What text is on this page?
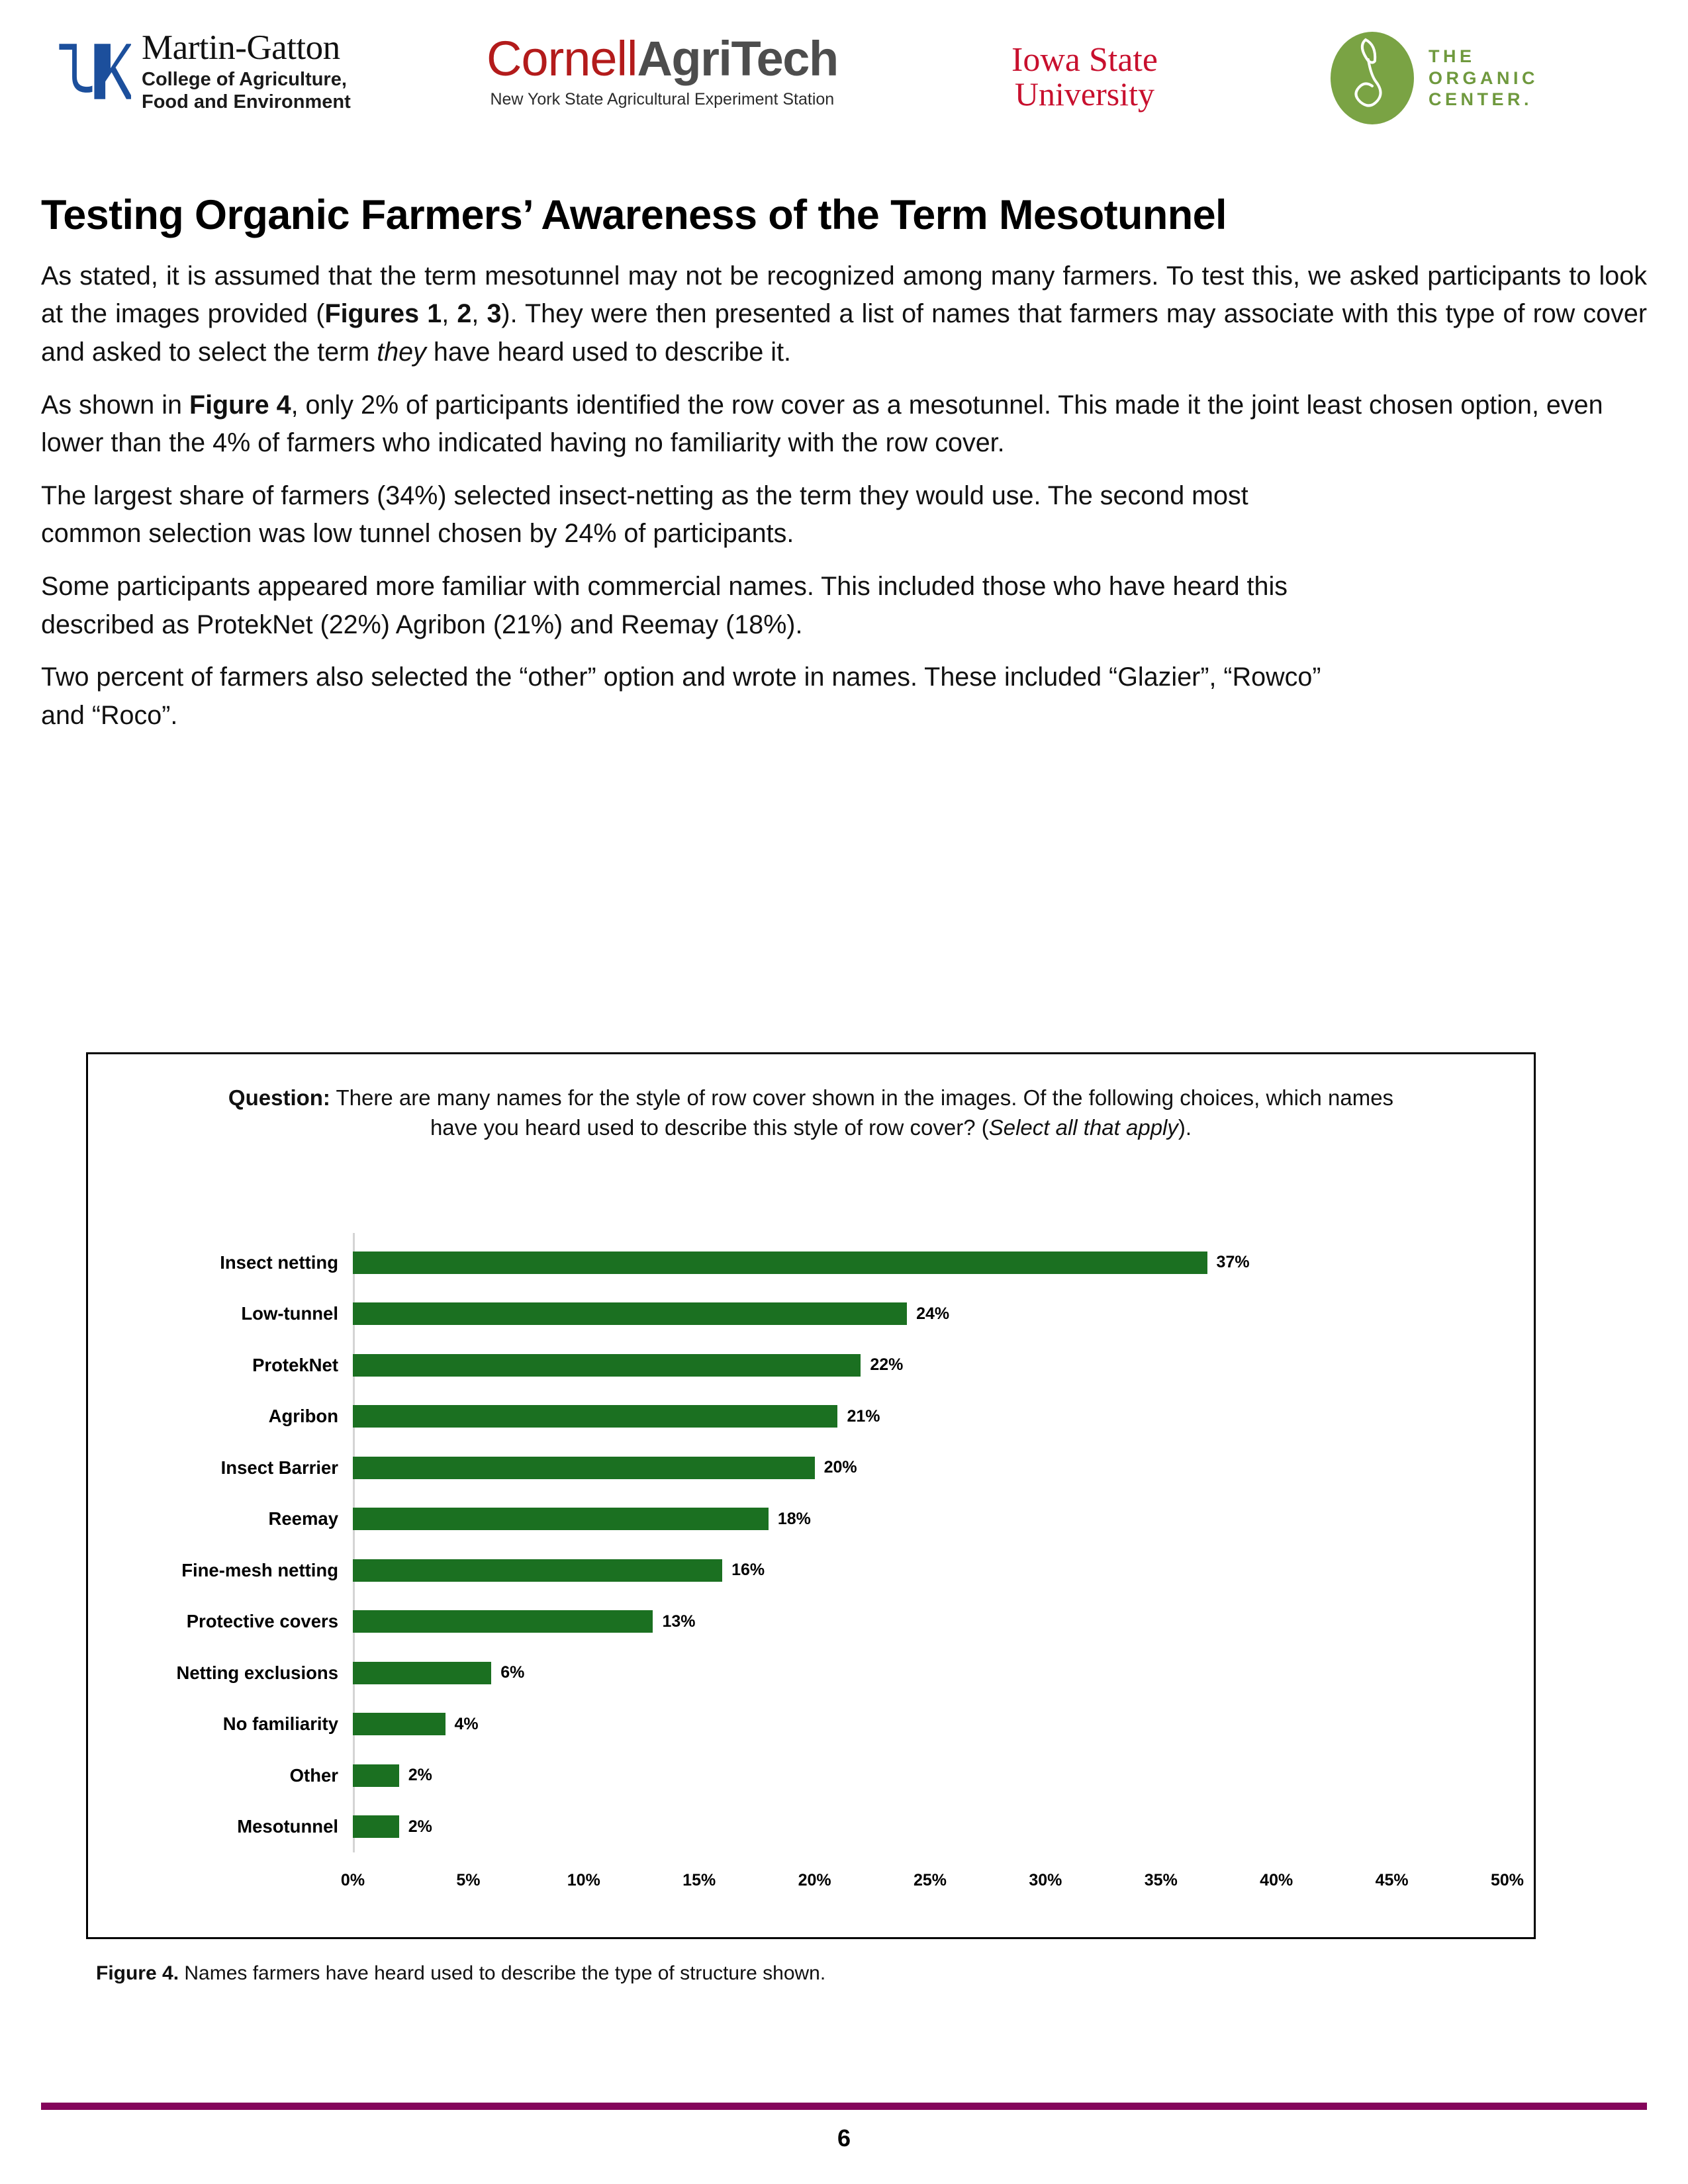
Martin-Gatton
College of Agriculture,
Food and Environment
CornellAgriTech
New York State Agricultural Experiment Station
Iowa State
University
THE
ORGANIC
CENTER.
Testing Organic Farmers’ Awareness of the Term Mesotunnel

As stated, it is assumed that the term mesotunnel may not be recognized among many farmers. To test this, we asked participants to look at the images provided (Figures 1, 2, 3). They were then presented a list of names that farmers may associate with this type of row cover and asked to select the term they have heard used to describe it.

As shown in Figure 4, only 2% of participants identified the row cover as a mesotunnel. This made it the joint least chosen option, even lower than the 4% of farmers who indicated having no familiarity with the row cover.

The largest share of farmers (34%) selected insect-netting as the term they would use. The second most common selection was low tunnel chosen by 24% of participants.

Some participants appeared more familiar with commercial names. This included those who have heard this described as ProtekNet (22%) Agribon (21%) and Reemay (18%).

Two percent of farmers also selected the “other” option and wrote in names. These included “Glazier”, “Rowco” and “Roco”.

Question: There are many names for the style of row cover shown in the images. Of the following choices, which names have you heard used to describe this style of row cover? (Select all that apply).
Insect netting	37%
Low-tunnel	24%
ProtekNet	22%
Agribon	21%
Insect Barrier	20%
Reemay	18%
Fine-mesh netting	16%
Protective covers	13%
Netting exclusions	6%
No familiarity	4%
Other	2%
Mesotunnel	2%
0%	5%	10%	15%	20%	25%	30%	35%	40%	45%	50%
Figure 4. Names farmers have heard used to describe the type of structure shown.
6
